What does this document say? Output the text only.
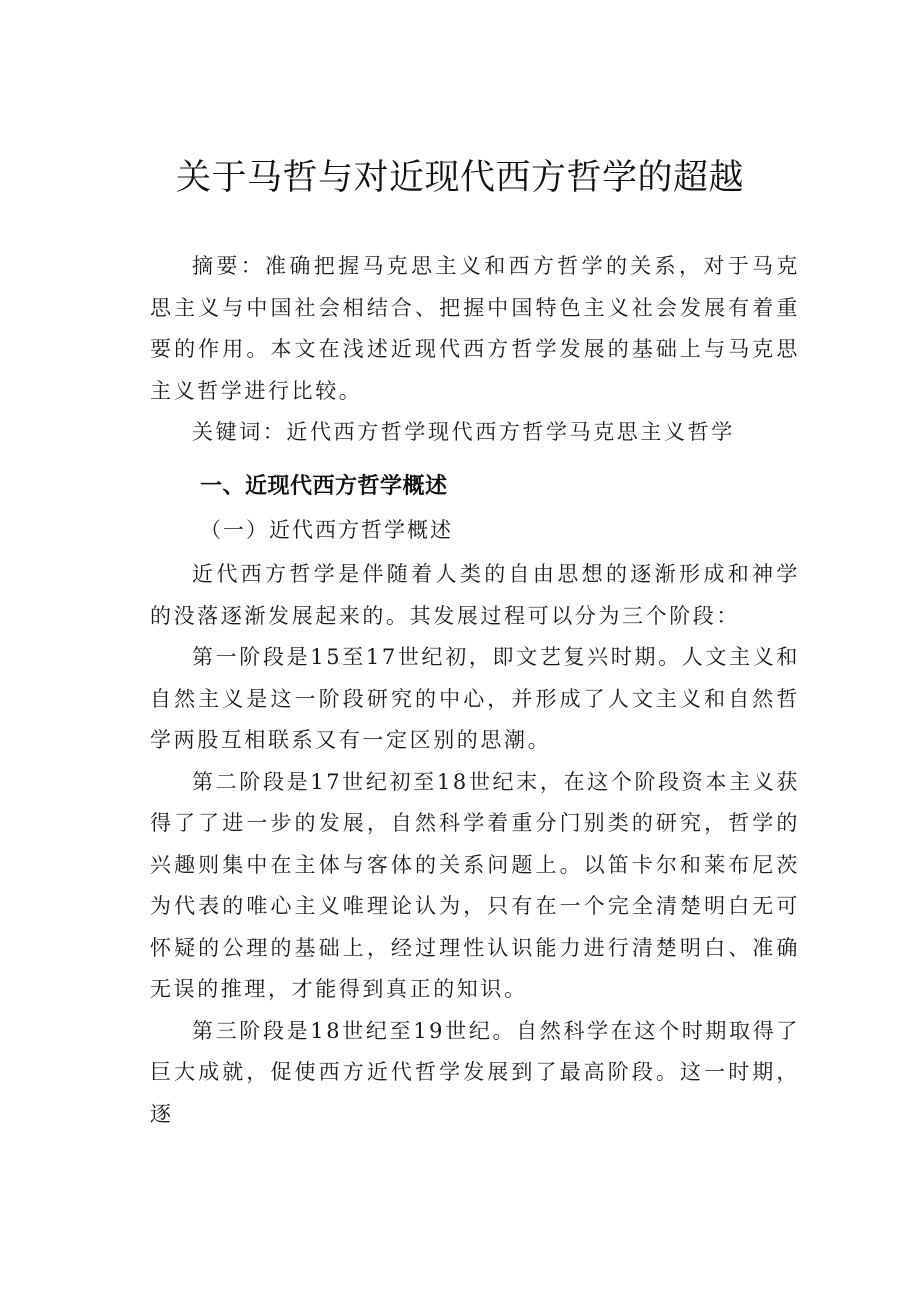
关于马哲与对近现代西方哲学的超越

摘要：准确把握马克思主义和西方哲学的关系，对于马克思主义与中国社会相结合、把握中国特色主义社会发展有着重要的作用。本文在浅述近现代西方哲学发展的基础上与马克思主义哲学进行比较。

关键词：近代西方哲学现代西方哲学马克思主义哲学

一、近现代西方哲学概述
（一）近代西方哲学概述

近代西方哲学是伴随着人类的自由思想的逐渐形成和神学的没落逐渐发展起来的。其发展过程可以分为三个阶段：

第一阶段是15至17世纪初，即文艺复兴时期。人文主义和自然主义是这一阶段研究的中心，并形成了人文主义和自然哲学两股互相联系又有一定区别的思潮。

第二阶段是17世纪初至18世纪末，在这个阶段资本主义获得了了进一步的发展，自然科学着重分门别类的研究，哲学的兴趣则集中在主体与客体的关系问题上。以笛卡尔和莱布尼茨为代表的唯心主义唯理论认为，只有在一个完全清楚明白无可怀疑的公理的基础上，经过理性认识能力进行清楚明白、准确无误的推理，才能得到真正的知识。

第三阶段是18世纪至19世纪。自然科学在这个时期取得了巨大成就，促使西方近代哲学发展到了最高阶段。这一时期，逐
